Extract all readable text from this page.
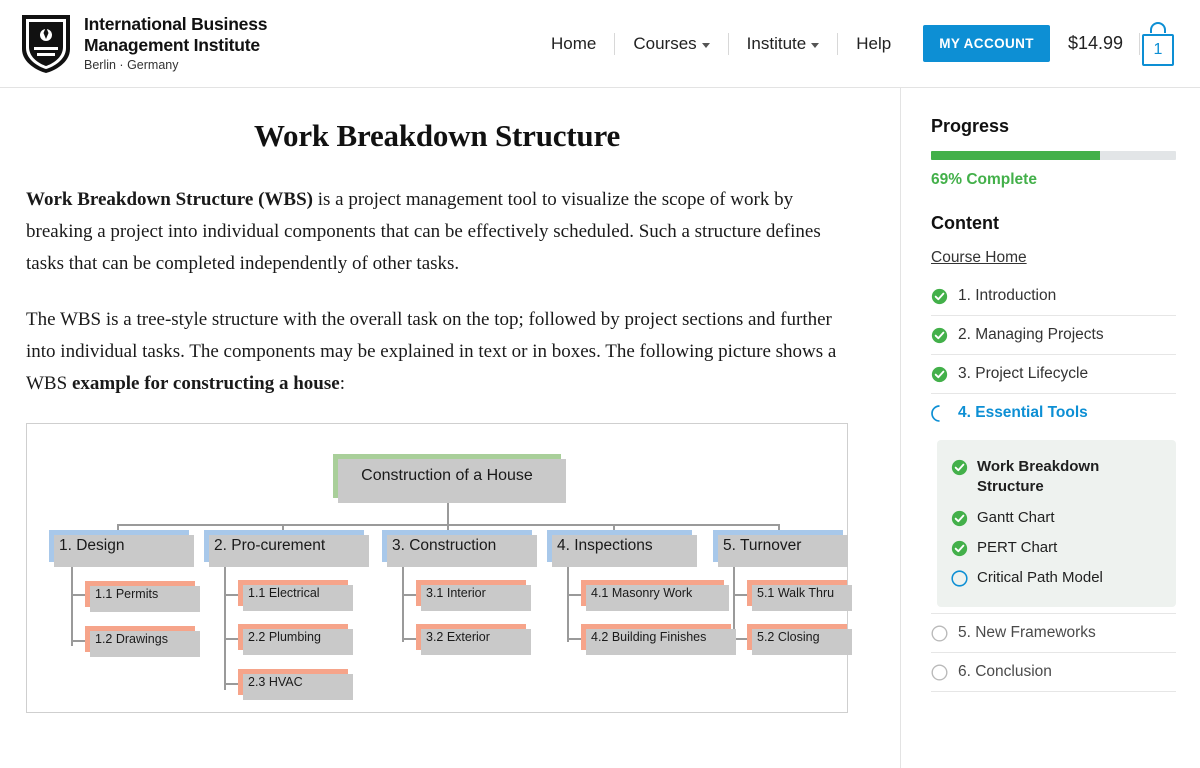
International Business
Management Institute
Berlin · Germany
Home Courses	Institute	Help	MY ACCOUNT	$14.99	1
Work Breakdown Structure

Work Breakdown Structure (WBS) is a project management tool to visualize the scope of work by breaking a project into individual components that can be effectively scheduled. Such a structure defines tasks that can be completed independently of other tasks.

The WBS is a tree-style structure with the overall task on the top; followed by project sections and further into individual tasks. The components may be explained in text or in boxes. The following picture shows a WBS example for constructing a house:

Construction of a House
1. Design	2. Pro-curement	3. Construction	4. Inspections	5. Turnover
1.1 Permits
1.2 Drawings
1.1 Electrical
2.2 Plumbing
2.3 HVAC
3.1 Interior
3.2 Exterior
4.1 Masonry Work
4.2 Building Finishes
5.1 Walk Thru
5.2 Closing
Progress
69% Complete
Content
Course Home
1. Introduction
2. Managing Projects
3. Project Lifecycle
4. Essential Tools
Work Breakdown Structure
Gantt Chart
PERT Chart
Critical Path Model
5. New Frameworks
6. Conclusion
